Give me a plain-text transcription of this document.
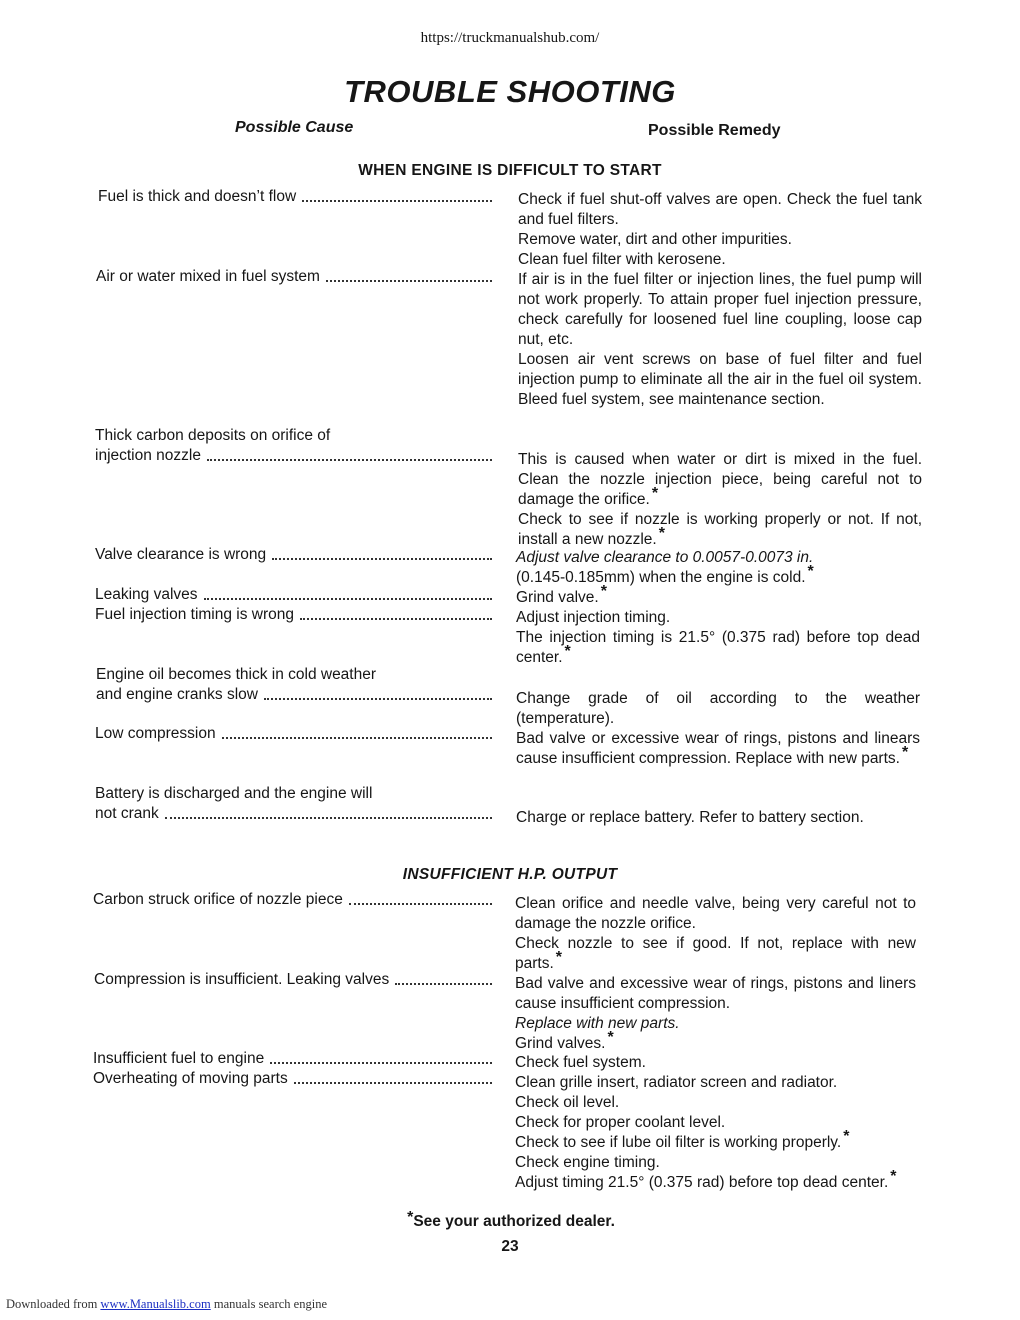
https://truckmanualshub.com/
TROUBLE SHOOTING
Possible Cause	Possible Remedy
WHEN ENGINE IS DIFFICULT TO START
Fuel is thick and doesn’t flow
Air or water mixed in fuel system
Thick carbon deposits on orifice of
injection nozzle
Valve clearance is wrong
Leaking valves
Fuel injection timing is wrong
Engine oil becomes thick in cold weather
and engine cranks slow
Low compression
Battery is discharged and the engine will
not crank

Check if fuel shut-off valves are open. Check the fuel tank and fuel filters.

Remove water, dirt and other impurities.

Clean fuel filter with kerosene.

If air is in the fuel filter or injection lines, the fuel pump will not work properly. To attain proper fuel injection pressure, check carefully for loosened fuel line coupling, loose cap nut, etc.

Loosen air vent screws on base of fuel filter and fuel injection pump to eliminate all the air in the fuel oil system. Bleed fuel system, see maintenance section.

This is caused when water or dirt is mixed in the fuel. Clean the nozzle injection piece, being careful not to damage the orifice. *

Check to see if nozzle is working properly or not. If not, install a new nozzle. *

Adjust valve clearance to 0.0057-0.0073 in.

(0.145-0.185mm) when the engine is cold. *

Grind valve. *

Adjust injection timing.

The injection timing is 21.5° (0.375 rad) before top dead center. *

Change grade of oil according to the weather (temperature).

Bad valve or excessive wear of rings, pistons and linears cause insufficient compression. Replace with new parts. *

Charge or replace battery. Refer to battery section.

INSUFFICIENT H.P. OUTPUT
Carbon struck orifice of nozzle piece
Compression is insufficient. Leaking valves
Insufficient fuel to engine
Overheating of moving parts

Clean orifice and needle valve, being very careful not to damage the nozzle orifice.

Check nozzle to see if good. If not, replace with new parts. *

Bad valve and excessive wear of rings, pistons and liners cause insufficient compression.

Replace with new parts.

Grind valves. *

Check fuel system.

Clean grille insert, radiator screen and radiator.

Check oil level.

Check for proper coolant level.

Check to see if lube oil filter is working properly. *

Check engine timing.

Adjust timing 21.5° (0.375 rad) before top dead center. *

*See your authorized dealer.
23
Downloaded from www.Manualslib.com manuals search engine
